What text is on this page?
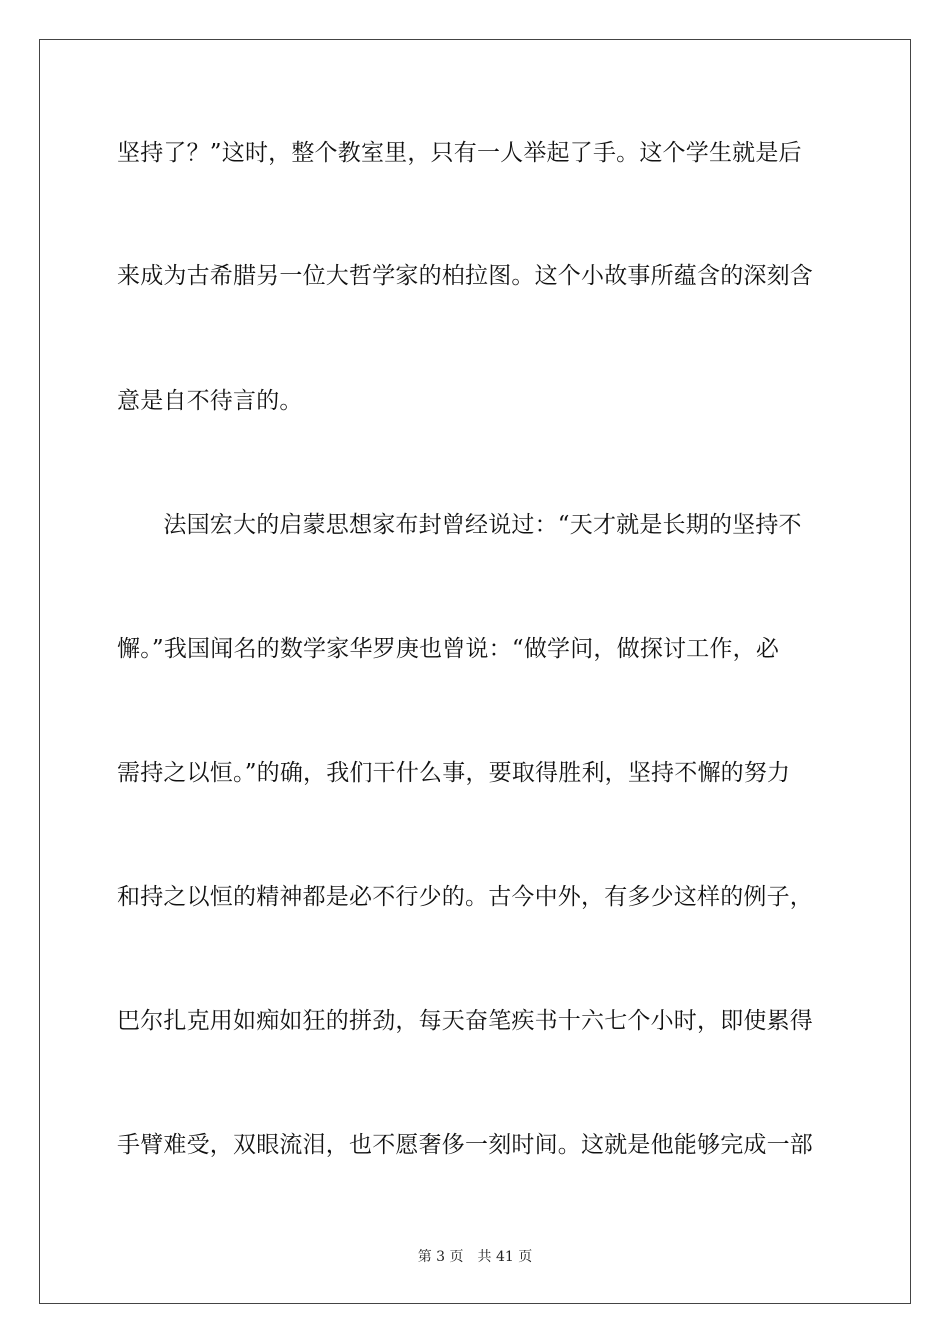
坚持了？”这时，整个教室里，只有一人举起了手。这个学生就是后
来成为古希腊另一位大哲学家的柏拉图。这个小故事所蕴含的深刻含
意是自不待言的。
　　法国宏大的启蒙思想家布封曾经说过：“天才就是长期的坚持不
懈。”我国闻名的数学家华罗庚也曾说：“做学问，做探讨工作，必
需持之以恒。”的确，我们干什么事，要取得胜利，坚持不懈的努力
和持之以恒的精神都是必不行少的。古今中外，有多少这样的例子，
巴尔扎克用如痴如狂的拼劲，每天奋笔疾书十六七个小时，即使累得
手臂难受，双眼流泪，也不愿奢侈一刻时间。这就是他能够完成一部
第 3 页　共 41 页
